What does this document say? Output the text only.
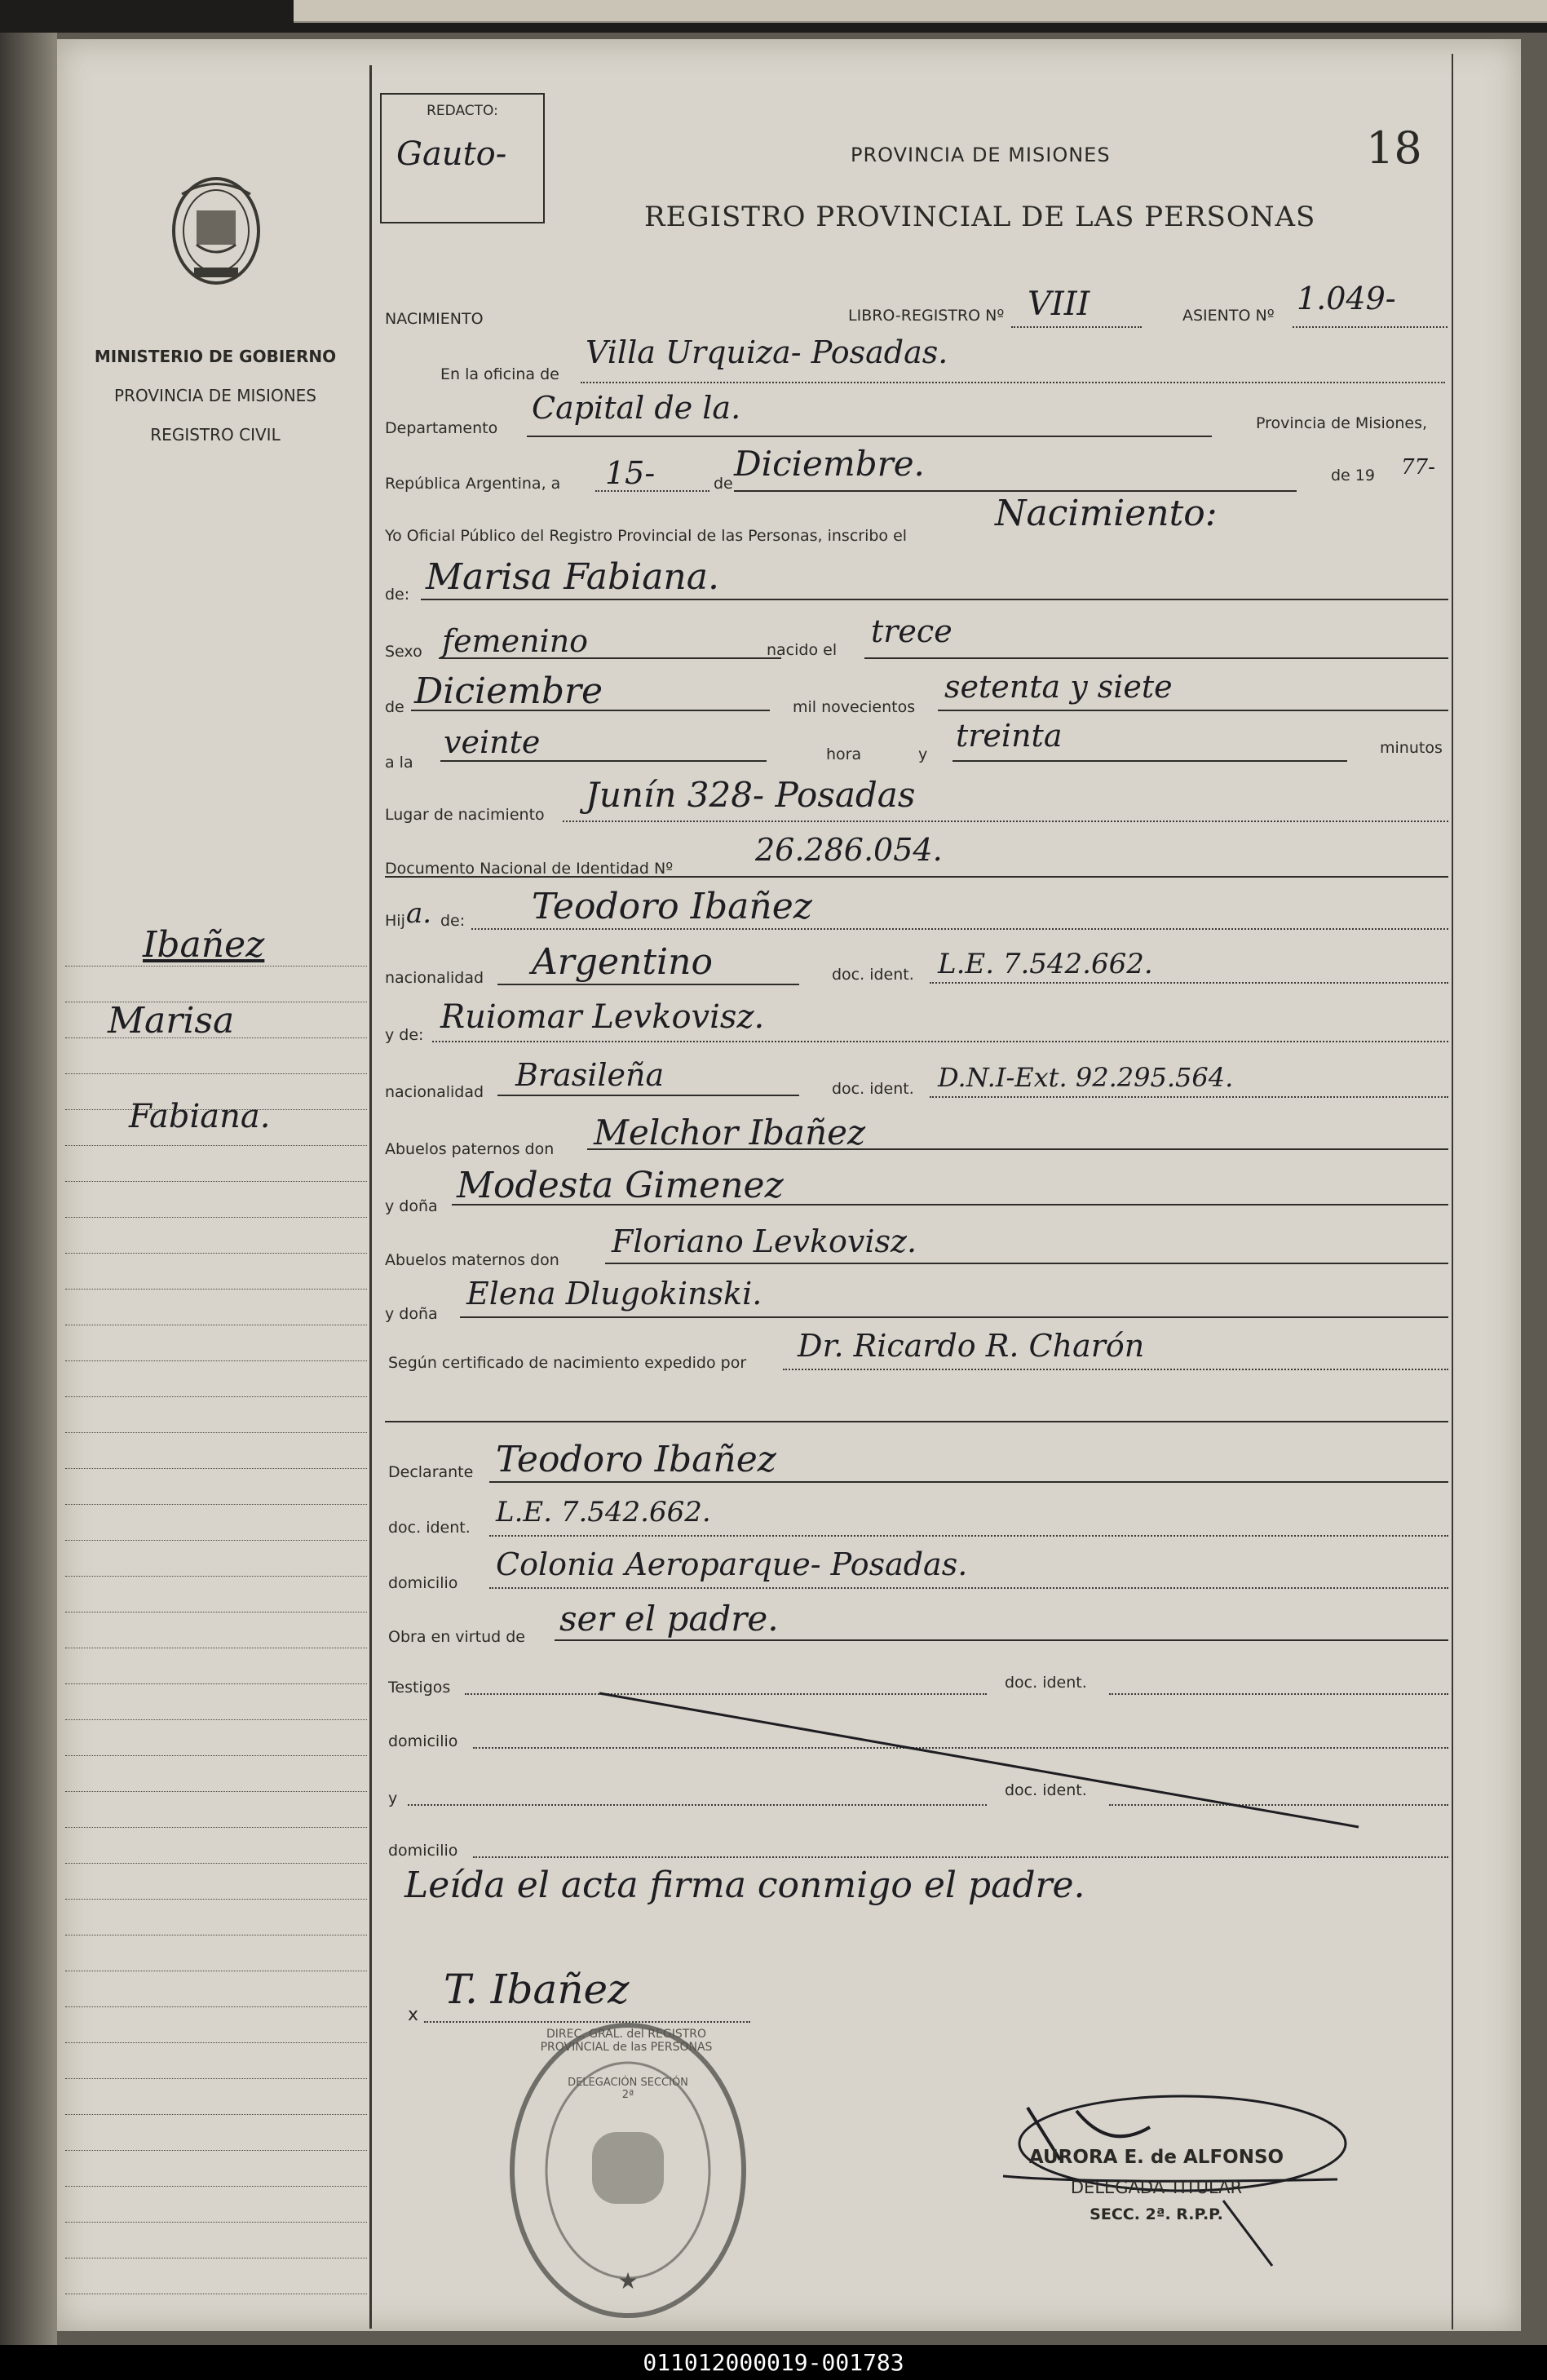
MINISTERIO DE GOBIERNO
PROVINCIA DE MISIONES
REGISTRO CIVIL
Ibañez
Marisa
Fabiana.
REDACTO:
Gauto-	PROVINCIA DE MISIONES
REGISTRO PROVINCIAL DE LAS PERSONAS
18
NACIMIENTO	LIBRO-REGISTRO Nº VIII	ASIENTO Nº 1.049-
En la oficina de
Villa Urquiza- Posadas.
Departamento
Capital de la.	Provincia de Misiones,
República Argentina, a 15-	de Diciembre.	de 19 77-
Yo Oficial Público del Registro Provincial de las Personas, inscribo el
Nacimiento:
de: Marisa Fabiana.
Sexo femenino	nacido el
trece
de Diciembre	mil novecientos
setenta y siete
a la
veinte	hora	y
treinta	minutos
Lugar de nacimiento Junín 328- Posadas
Documento Nacional de Identidad Nº
26.286.054.
Hij a. de: Teodoro Ibañez
nacionalidad Argentino	doc. ident. L.E. 7.542.662.
y de: Ruiomar Levkovisz.
nacionalidad Brasileña	doc. ident. D.N.I-Ext. 92.295.564.
Abuelos paternos don Melchor Ibañez
y doña Modesta Gimenez
Abuelos maternos don
Floriano Levkovisz.
y doña
Elena Dlugokinski.
Según certificado de nacimiento expedido por Dr. Ricardo R. Charón
Declarante Teodoro Ibañez
doc. ident. L.E. 7.542.662.
domicilio
Colonia Aeroparque- Posadas.
Obra en virtud de ser el padre.
Testigos	doc. ident.
domicilio
y	doc. ident.
domicilio
Leída el acta firma conmigo el padre.
x
T. Ibañez
★
DIREC. GRAL. del REGISTRO PROVINCIAL de las PERSONAS
DELEGACIÓN SECCIÓN 2ª
AURORA E. de ALFONSO
DELEGADA TITULAR
SECC. 2ª. R.P.P.
011012000019-001783
